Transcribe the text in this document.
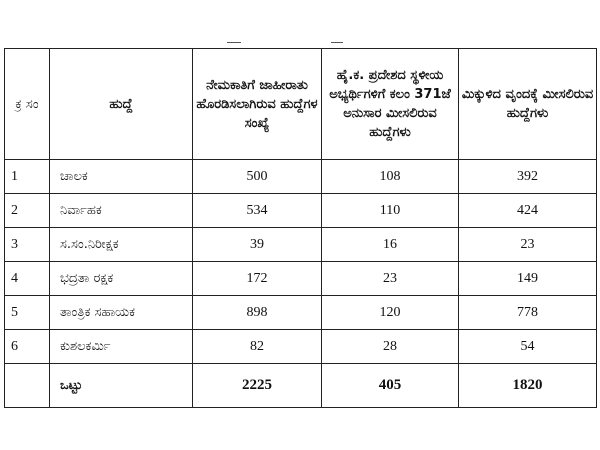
ಕ್ರ ಸಂ	ಹುದ್ದೆ	ನೇಮಕಾತಿಗೆ ಜಾಹೀರಾತು ಹೊರಡಿಸಲಾಗಿರುವ ಹುದ್ದೆಗಳ ಸಂಖ್ಯೆ	ಹೈ.ಕ. ಪ್ರದೇಶದ ಸ್ಥಳೀಯ ಅಭ್ಯರ್ಥಿಗಳಿಗೆ ಕಲಂ 371ಜೆ ಅನುಸಾರ ಮೀಸಲಿರುವ ಹುದ್ದೆಗಳು	ಮಿಕ್ಕುಳಿದ ವೃಂದಕ್ಕೆ ಮೀಸಲಿರುವ ಹುದ್ದೆಗಳು
1	ಚಾಲಕ	500	108	392
2	ನಿರ್ವಾಹಕ	534	110	424
3	ಸ.ಸಂ.ನಿರೀಕ್ಷಕ	39	16	23
4	ಭದ್ರತಾ ರಕ್ಷಕ	172	23	149
5	ತಾಂತ್ರಿಕ ಸಹಾಯಕ	898	120	778
6	ಕುಶಲಕರ್ಮಿ	82	28	54
	ಒಟ್ಟು	2225	405	1820
